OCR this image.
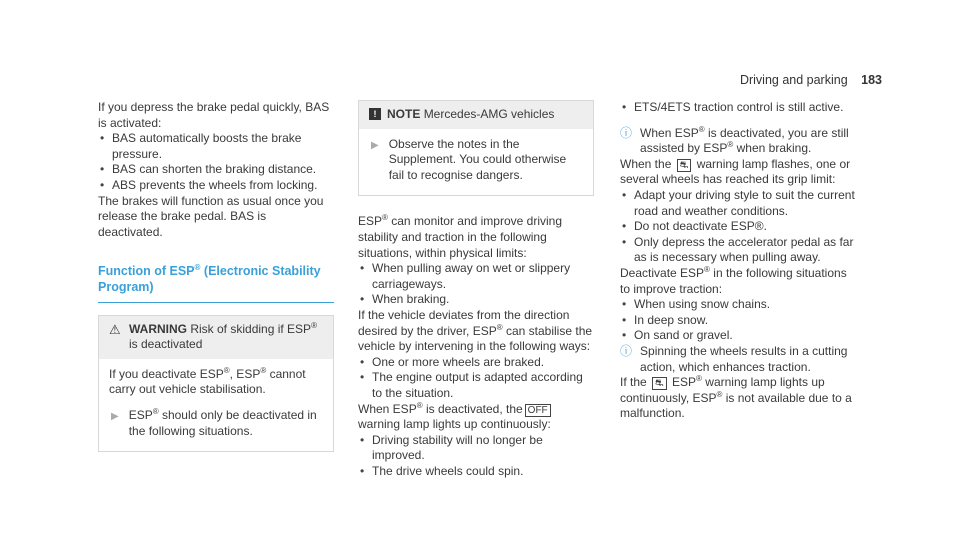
Driving and parking 183

If you depress the brake pedal quickly, BAS is activated:

• BAS automatically boosts the brake pressure.
• BAS can shorten the braking distance.
• ABS prevents the wheels from locking.

The brakes will function as usual once you release the brake pedal. BAS is deactivated.

Function of ESP® (Electronic Stability Program)
⚠ WARNING Risk of skidding if ESP® is deactivated

If you deactivate ESP®, ESP® cannot carry out vehicle stabilisation.

▶ ESP® should only be deactivated in the following situations.
! NOTE Mercedes-AMG vehicles
▶ Observe the notes in the Supplement. You could otherwise fail to recognise dangers.

ESP® can monitor and improve driving stability and traction in the following situations, within physical limits:

• When pulling away on wet or slippery carriageways.
• When braking.

If the vehicle deviates from the direction desired by the driver, ESP® can stabilise the vehicle by intervening in the following ways:

• One or more wheels are braked.
• The engine output is adapted according to the situation.

When ESP® is deactivated, the OFF warning lamp lights up continuously:

• Driving stability will no longer be improved.
• The drive wheels could spin.
• ETS/4ETS traction control is still active.
ⓘ When ESP® is deactivated, you are still assisted by ESP® when braking.

When the ⛐ warning lamp flashes, one or several wheels has reached its grip limit:

• Adapt your driving style to suit the current road and weather conditions.
• Do not deactivate ESP®.
• Only depress the accelerator pedal as far as is necessary when pulling away.

Deactivate ESP® in the following situations to improve traction:

• When using snow chains.
• In deep snow.
• On sand or gravel.
ⓘ Spinning the wheels results in a cutting action, which enhances traction.

If the ⛐ ESP® warning lamp lights up continuously, ESP® is not available due to a malfunction.
